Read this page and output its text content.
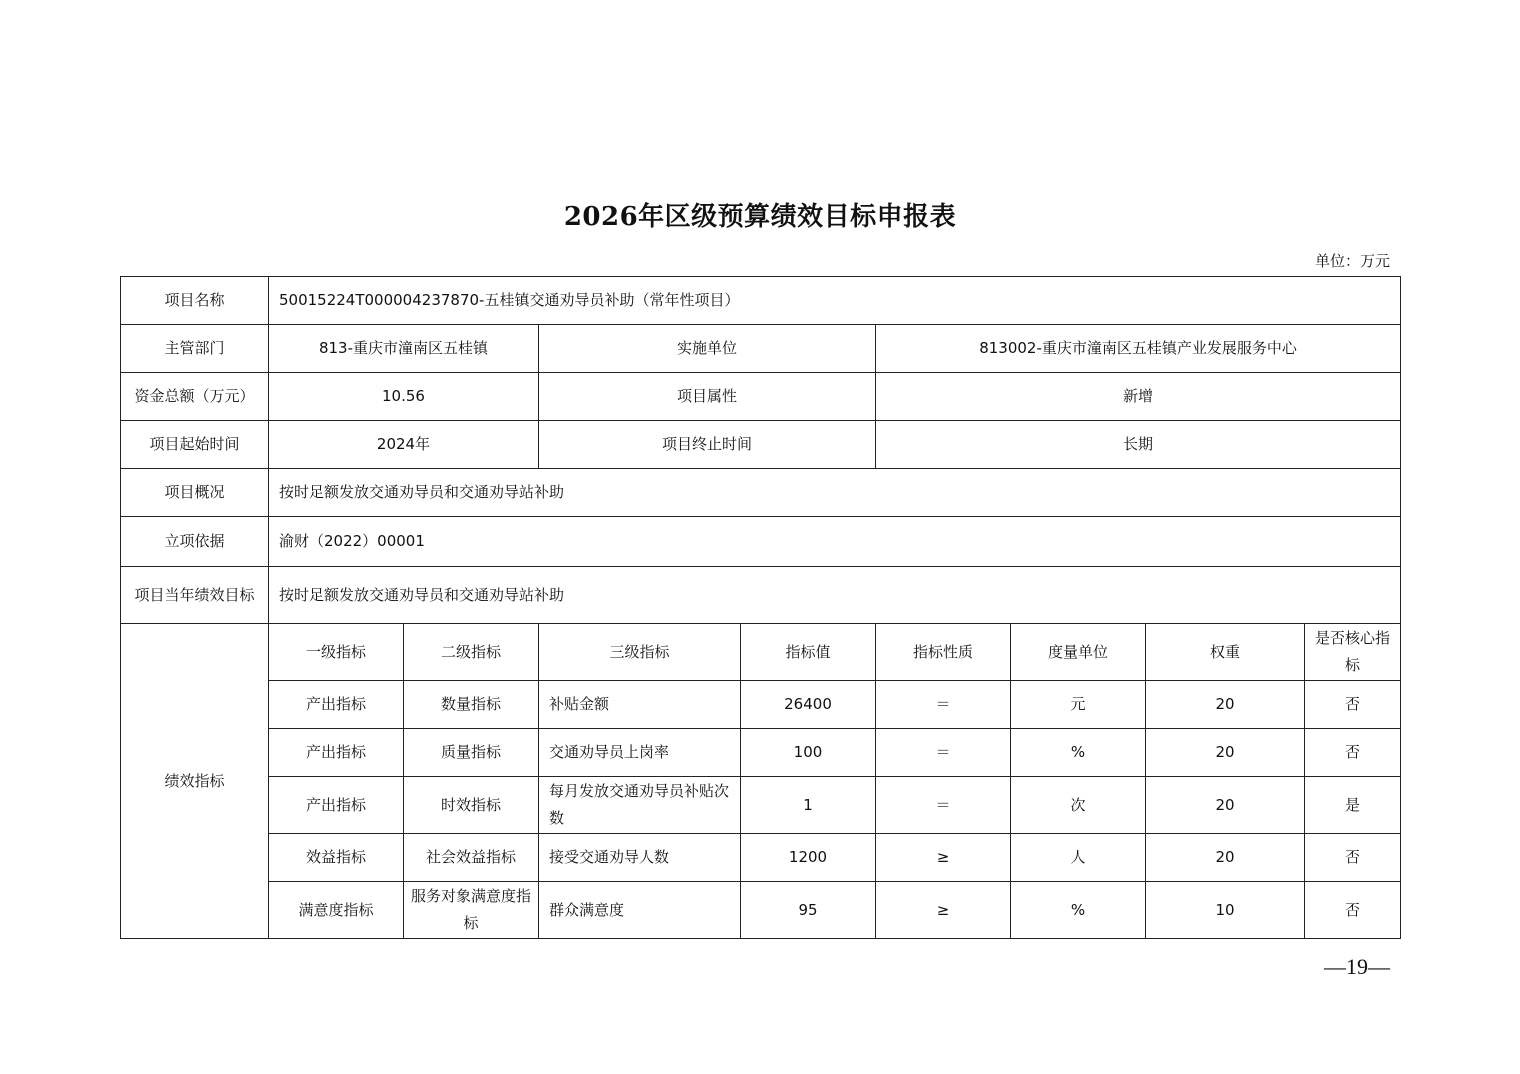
2026年区级预算绩效目标申报表
单位：万元
项目名称	50015224T000004237870-五桂镇交通劝导员补助（常年性项目）							
主管部门	813-重庆市潼南区五桂镇		实施单位		813002-重庆市潼南区五桂镇产业发展服务中心			
资金总额（万元）	10.56		项目属性		新增			
项目起始时间	2024年		项目终止时间		长期			
项目概况	按时足额发放交通劝导员和交通劝导站补助							
立项依据	渝财（2022）00001							
项目当年绩效目标	按时足额发放交通劝导员和交通劝导站补助							
绩效指标	一级指标	二级指标	三级指标	指标值	指标性质	度量单位	权重	是否核心指标
	产出指标	数量指标	补贴金额	26400	＝	元	20	否
	产出指标	质量指标	交通劝导员上岗率	100	＝	%	20	否
	产出指标	时效指标	每月发放交通劝导员补贴次数	1	＝	次	20	是
	效益指标	社会效益指标	接受交通劝导人数	1200	≥	人	20	否
	满意度指标	服务对象满意度指标	群众满意度	95	≥	%	10	否
—19—
